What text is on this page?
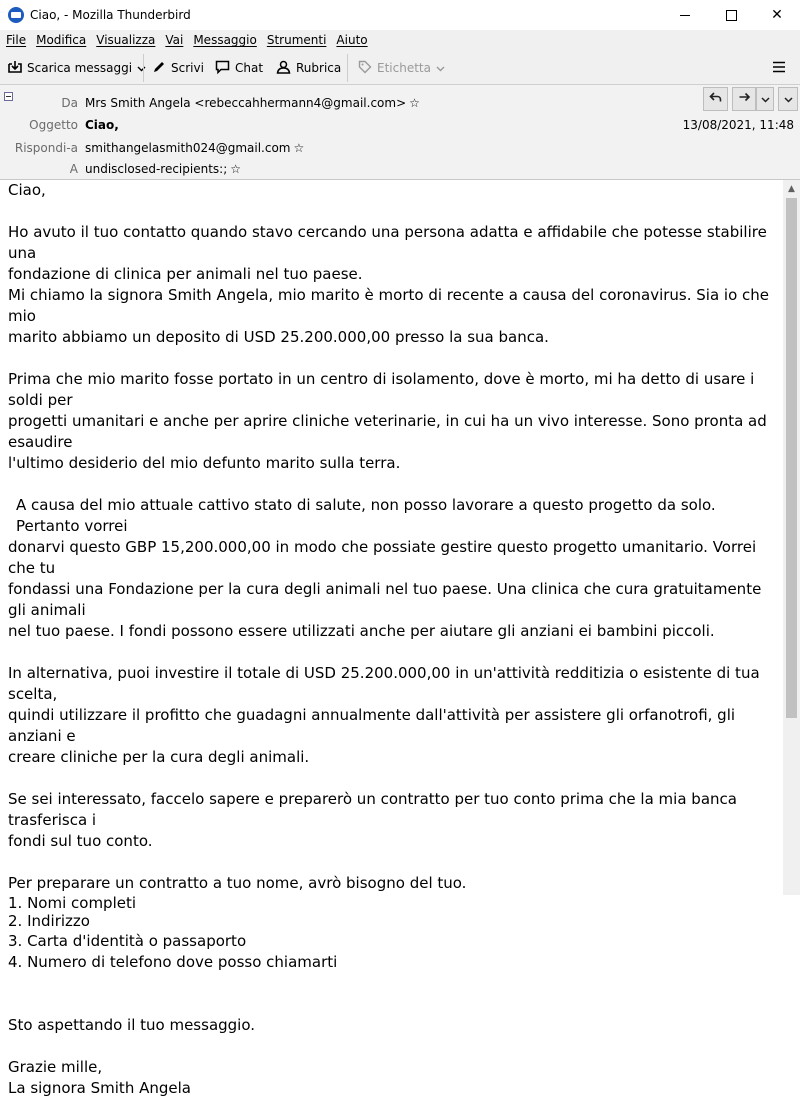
Ciao, - Mozilla Thunderbird	✕
File Modifica Visualizza Vai Messaggio Strumenti Aiuto
Scarica messaggi	Scrivi	Chat	Rubrica	Etichetta
Da Mrs Smith Angela <rebeccahhermann4@gmail.com> ☆
Oggetto Ciao,
Rispondi-a smithangelasmith024@gmail.com ☆
A undisclosed-recipients:; ☆
13/08/2021, 11:48
Ciao,
Ho avuto il tuo contatto quando stavo cercando una persona adatta e affidabile che potesse stabilire una
fondazione di clinica per animali nel tuo paese.
Mi chiamo la signora Smith Angela, mio marito è morto di recente a causa del coronavirus. Sia io che mio
marito abbiamo un deposito di USD 25.200.000,00 presso la sua banca.
Prima che mio marito fosse portato in un centro di isolamento, dove è morto, mi ha detto di usare i soldi per
progetti umanitari e anche per aprire cliniche veterinarie, in cui ha un vivo interesse. Sono pronta ad esaudire
l'ultimo desiderio del mio defunto marito sulla terra.
A causa del mio attuale cattivo stato di salute, non posso lavorare a questo progetto da solo. Pertanto vorrei
donarvi questo GBP 15,200.000,00 in modo che possiate gestire questo progetto umanitario. Vorrei che tu
fondassi una Fondazione per la cura degli animali nel tuo paese. Una clinica che cura gratuitamente gli animali
nel tuo paese. I fondi possono essere utilizzati anche per aiutare gli anziani ei bambini piccoli.
In alternativa, puoi investire il totale di USD 25.200.000,00 in un'attività redditizia o esistente di tua scelta,
quindi utilizzare il profitto che guadagni annualmente dall'attività per assistere gli orfanotrofi, gli anziani e
creare cliniche per la cura degli animali.
Se sei interessato, faccelo sapere e preparerò un contratto per tuo conto prima che la mia banca trasferisca i
fondi sul tuo conto.
Per preparare un contratto a tuo nome, avrò bisogno del tuo.
1. Nomi completi
2. Indirizzo
3. Carta d'identità o passaporto
4. Numero di telefono dove posso chiamarti
Sto aspettando il tuo messaggio.
Grazie mille,
La signora Smith Angela
▲
